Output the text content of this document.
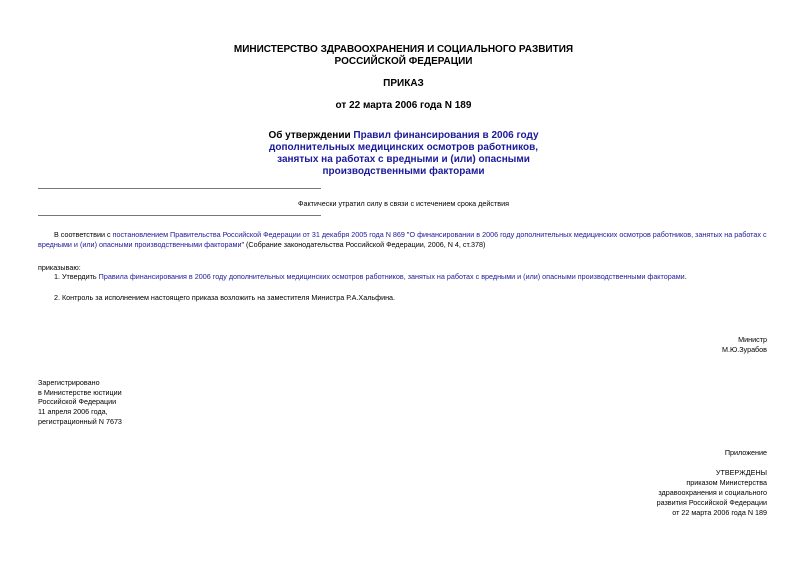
МИНИСТЕРСТВО ЗДРАВООХРАНЕНИЯ И СОЦИАЛЬНОГО РАЗВИТИЯ
РОССИЙСКОЙ ФЕДЕРАЦИИ
ПРИКАЗ
от 22 марта 2006 года N 189
Об утверждении Правил финансирования в 2006 году
дополнительных медицинских осмотров работников,
занятых на работах с вредными и (или) опасными
производственными факторами
Фактически утратил силу в связи с истечением срока действия
В соответствии с постановлением Правительства Российской Федерации от 31 декабря 2005 года N 869 "О финансировании в 2006 году дополнительных медицинских осмотров работников, занятых на работах с
вредными и (или) опасными производственными факторами" (Собрание законодательства Российской Федерации, 2006, N 4, ст.378)
приказываю:
1. Утвердить Правила финансирования в 2006 году дополнительных медицинских осмотров работников, занятых на работах с вредными и (или) опасными производственными факторами.
2. Контроль за исполнением настоящего приказа возложить на заместителя Министра Р.А.Хальфина.
Министр
М.Ю.Зурабов
Зарегистрировано
в Министерстве юстиции
Российской Федерации
11 апреля 2006 года,
регистрационный N 7673
Приложение
УТВЕРЖДЕНЫ
приказом Министерства
здравоохранения и социального
развития Российской Федерации
от 22 марта 2006 года N 189
